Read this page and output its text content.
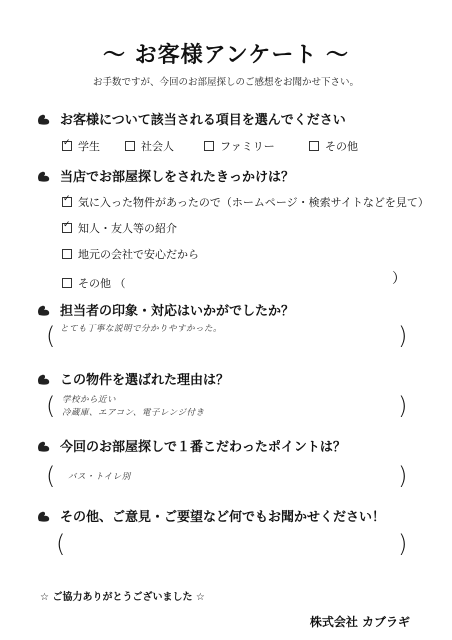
～ お客様アンケート ～
お手数ですが、今回のお部屋探しのご感想をお聞かせ下さい。
お客様について該当される項目を選んでください
✓
学生	社会人	ファミリー	その他
当店でお部屋探しをされたきっかけは？
✓
気に入った物件があったので（ホームページ・検索サイトなどを見て）
✓
知人・友人等の紹介
地元の会社で安心だから
その他 （	）
担当者の印象・対応はいかがでしたか？
( とても丁寧な説明で分かりやすかった。	)
この物件を選ばれた理由は？
( 学校から近い
冷蔵庫、エアコン、電子レンジ付き	)
今回のお部屋探しで１番こだわったポイントは？
( バス・トイレ別	)
その他、ご意見・ご要望など何でもお聞かせください！
(	)
☆ ご協力ありがとうございました ☆
株式会社 カブラギ
